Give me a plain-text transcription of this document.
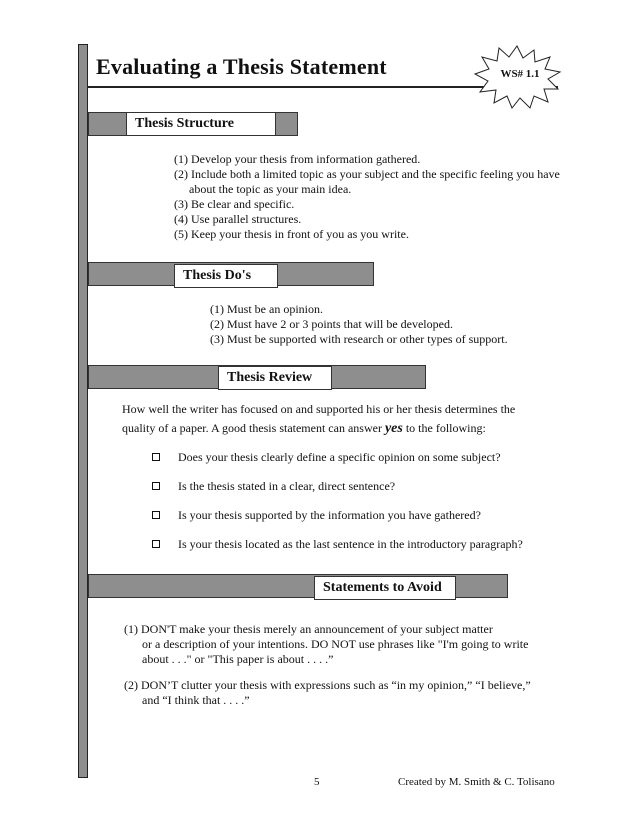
Evaluating a Thesis Statement	WS# 1.1
Thesis Structure
(1) Develop your thesis from information gathered.
(2) Include both a limited topic as your subject and the specific feeling you have
about the topic as your main idea.
(3) Be clear and specific.
(4) Use parallel structures.
(5) Keep your thesis in front of you as you write.
Thesis Do's
(1) Must be an opinion.
(2) Must have 2 or 3 points that will be developed.
(3) Must be supported with research or other types of support.
Thesis Review
How well the writer has focused on and supported his or her thesis determines the
quality of a paper. A good thesis statement can answer yes to the following:
Does your thesis clearly define a specific opinion on some subject?
Is the thesis stated in a clear, direct sentence?
Is your thesis supported by the information you have gathered?
Is your thesis located as the last sentence in the introductory paragraph?
Statements to Avoid
(1) DON'T make your thesis merely an announcement of your subject matter
or a description of your intentions. DO NOT use phrases like "I'm going to write
about . . ." or "This paper is about . . . .”
(2) DON’T clutter your thesis with expressions such as “in my opinion,” “I believe,”
and “I think that . . . .”
5	Created by M. Smith & C. Tolisano
